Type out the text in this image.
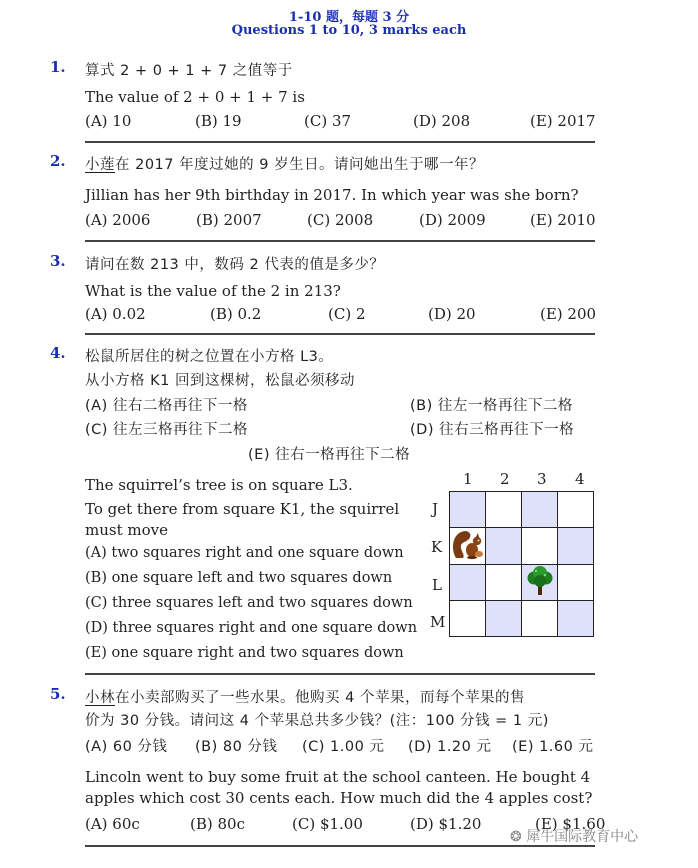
1-10 题，每题 3 分
Questions 1 to 10, 3 marks each
1. 算式 2 + 0 + 1 + 7 之值等于
The value of 2 + 0 + 1 + 7 is
(A) 10	(B) 19	(C) 37	(D) 208	(E) 2017
2. 小莲在 2017 年度过她的 9 岁生日。请问她出生于哪一年？
Jillian has her 9th birthday in 2017. In which year was she born?
(A) 2006	(B) 2007	(C) 2008	(D) 2009	(E) 2010
3. 请问在数 213 中，数码 2 代表的值是多少？
What is the value of the 2 in 213?
(A) 0.02	(B) 0.2	(C) 2	(D) 20	(E) 200
4. 松鼠所居住的树之位置在小方格 L3。
从小方格 K1 回到这棵树，松鼠必须移动
(A) 往右二格再往下一格	(B) 往左一格再往下二格
(C) 往左三格再往下二格	(D) 往右三格再往下一格
(E) 往右一格再往下二格
The squirrel’s tree is on square L3.
To get there from square K1, the squirrel
must move
(A) two squares right and one square down
(B) one square left and two squares down
(C) three squares left and two squares down
(D) three squares right and one square down
(E) one square right and two squares down
1 2 3 4
J
K
L
M

5. 小林在小卖部购买了一些水果。他购买 4 个苹果，而每个苹果的售
价为 30 分钱。请问这 4 个苹果总共多少钱？(注：100 分钱 = 1 元)
(A) 60 分钱 (B) 80 分钱 (C) 1.00 元 (D) 1.20 元 (E) 1.60 元
Lincoln went to buy some fruit at the school canteen. He bought 4
apples which cost 30 cents each. How much did the 4 apples cost?
(A) 60c	(B) 80c	(C) $1.00	(D) $1.20	(E) $1.60
❂ 犀牛国际教育中心
